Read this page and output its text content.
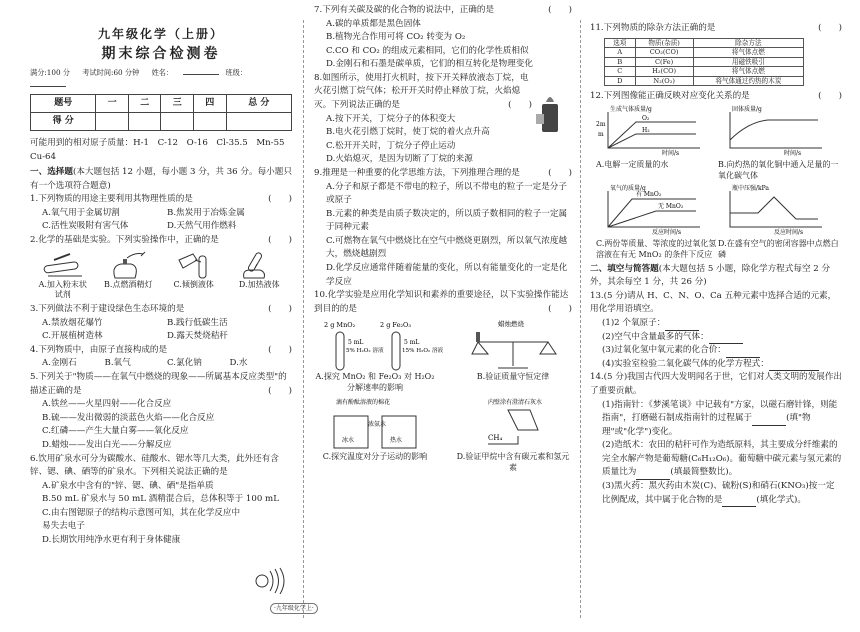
九年级化学（上册）
期末综合检测卷
满分:100 分 考试时间:60 分钟 姓名：	班级：
题号	一	二	三	四	总 分
得 分					
可能用到的相对原子质量：H-1　C-12　O-16　Cl-35.5　Mn-55　Cu-64
一、选择题(本大题包括 12 小题，每小题 3 分，共 36 分。每小题只有一个选项符合题意)
1.下列物质的用途主要利用其物理性质的是	(　　)
A.氧气用于金属切割	B.焦炭用于冶炼金属
C.活性炭吸附有害气体	D.天然气用作燃料
2.化学的基础是实验。下列实验操作中，正确的是	(　　)
A.加入粉末状试剂
B.点燃酒精灯	C.倾倒液体	D.加热液体
3.下列做法不利于建设绿色生态环境的是	(　　)
A.禁放烟花爆竹	B.践行低碳生活
C.开展植树造林	D.露天焚烧秸秆
4.下列物质中，由原子直接构成的是	(　　)
A.金刚石	B.氧气	C.氯化钠	D.水
5.下列关于"物质——在氧气中燃烧的现象——所属基本反应类型"的描述正确的是	(　　)
A.铁丝——火星四射——化合反应
B.硫——发出微弱的淡蓝色火焰——化合反应
C.红磷——产生大量白雾——氧化反应
D.蜡烛——发出白光——分解反应
6.饮用矿泉水可分为碳酸水、硅酸水、锶水等几大类，此外还有含锌、锶、碘、硒等的矿泉水。下列相关说法正确的是
A.矿泉水中含有的"锌、锶、碘、硒"是指单质
B.50 mL 矿泉水与 50 mL 酒精混合后，总体积等于 100 mL
C.由右图锶原子的结构示意图可知，其在化学反应中易失去电子
D.长期饮用纯净水更有利于身体健康
7.下列有关碳及碳的化合物的说法中，正确的是	(　　)
A.碳的单质都是黑色固体
B.植物光合作用可将 CO₂ 转变为 O₂
C.CO 和 CO₂ 的组成元素相同，它们的化学性质相似
D.金刚石和石墨是碳单质，它们的相互转化是物理变化
8.如图所示，使用打火机时，按下开关释放液态丁烷，电火花引燃丁烷气体；松开开关时停止释放丁烷，火焰熄灭。下列说法正确的是	(　　)
A.按下开关，丁烷分子的体积变大
B.电火花引燃丁烷时，使丁烷的着火点升高
C.松开开关时，丁烷分子停止运动
D.火焰熄灭，是因为切断了丁烷的来源
9.推理是一种重要的化学思维方法，下列推理合理的是	(　　)
A.分子和原子都是不带电的粒子，所以不带电的粒子一定是分子或原子
B.元素的种类是由质子数决定的，所以质子数相同的粒子一定属于同种元素
C.可燃物在氧气中燃烧比在空气中燃烧更剧烈，所以氧气浓度越大，燃烧越剧烈
D.化学反应通常伴随着能量的变化，所以有能量变化的一定是化学反应
10.化学实验是应用化学知识和素养的重要途径，以下实验操作能达到目的的是	(　　)
2 g MnO₂	2 g Fe₂O₃
5 mL
5% H₂O₂ 溶液
5 mL
15% H₂O₂ 溶液
A.探究 MnO₂ 和 Fe₂O₃ 对 H₂O₂ 分解速率的影响
蜡烛燃烧
B.验证质量守恒定律
滴有酚酞溶液的棉花
浓氨水
冰水	热水
C.探究温度对分子运动的影响
内壁涂有澄清石灰水
CH₄
D.验证甲烷中含有碳元素和氢元素
11.下列物质的除杂方法正确的是	(　　)
选项	物质(杂质)	除杂方法
A	CO₂(CO)	将气体点燃
B	C(Fe)	用磁铁吸引
C	H₂(CO)	将气体点燃
D	N₂(O₂)	将气体通过灼热的木炭
12.下列图像能正确反映对应变化关系的是	(　　)
生成气体质量/g
2m
m
O₂
H₂
时间/s
A.电解一定质量的水
固体质量/g
时间/s
B.向灼热的氧化铜中通入足量的一氧化碳气体
氧气的质量/g
有 MnO₂
无 MnO₂
反应时间/s
C.两份等质量、等浓度的过氧化氢溶液在有无 MnO₂ 的条件下反应
瓶中压强/kPa
反应时间/s
D.在盛有空气的密闭容器中点燃白磷
二、填空与简答题(本大题包括 5 小题，除化学方程式每空 2 分外，其余每空 1 分，共 26 分)
13.(5 分)请从 H、C、N、O、Ca 五种元素中选择合适的元素，用化学用语填空。
(1)2 个氧原子：
(2)空气中含量最多的气体：
(3)过氧化氢中氧元素的化合价：
(4)实验室检验二氧化碳气体的化学方程式：
14.(5 分)我国古代四大发明闻名于世，它们对人类文明的发展作出了重要贡献。
(1)指南针：《梦溪笔谈》中记载有"方家，以磁石磨针锋，则能指南"，打磨磁石制成指南针的过程属于	(填"物理"或"化学")变化。
(2)造纸术：农田的秸秆可作为造纸原料，其主要成分纤维素的完全水解产物是葡萄糖(C₆H₁₂O₆)。葡萄糖中碳元素与氢元素的质量比为	(填最简整数比)。
(3)黑火药：黑火药由木炭(C)、硫粉(S)和硝石(KNO₃)按一定比例配成，其中属于化合物的是	(填化学式)。
·九年级化学上·
